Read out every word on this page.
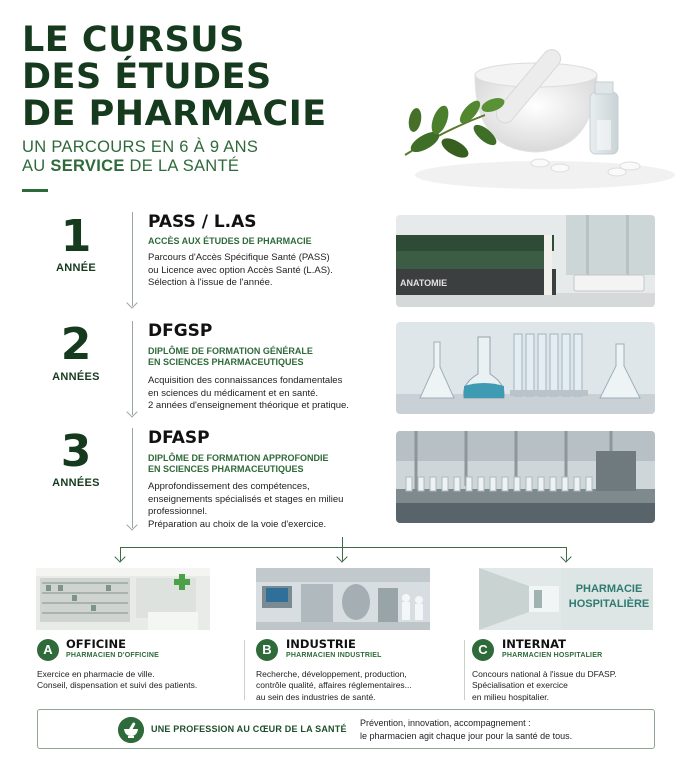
LE CURSUS
DES ÉTUDES
DE PHARMACIE
UN PARCOURS EN 6 À 9 ANS
AU SERVICE DE LA SANTÉ
1
ANNÉE
PASS / L.AS
ACCÈS AUX ÉTUDES DE PHARMACIE
Parcours d'Accès Spécifique Santé (PASS)
ou Licence avec option Accès Santé (L.AS).
Sélection à l'issue de l'année.	ANATOMIE
2
ANNÉES
DFGSP
DIPLÔME DE FORMATION GÉNÉRALE
EN SCIENCES PHARMACEUTIQUES
Acquisition des connaissances fondamentales
en sciences du médicament et en santé.
2 années d'enseignement théorique et pratique.
3
ANNÉES
DFASP
DIPLÔME DE FORMATION APPROFONDIE
EN SCIENCES PHARMACEUTIQUES
Approfondissement des compétences,
enseignements spécialisés et stages en milieu
professionnel.
Préparation au choix de la voie d'exercice.
PHARMACIE
HOSPITALIÈRE
A	OFFICINE
PHARMACIEN D'OFFICINE
Exercice en pharmacie de ville.
Conseil, dispensation et suivi des patients.
B	INDUSTRIE
PHARMACIEN INDUSTRIEL
Recherche, développement, production,
contrôle qualité, affaires réglementaires...
au sein des industries de santé.
C	INTERNAT
PHARMACIEN HOSPITALIER
Concours national à l'issue du DFASP.
Spécialisation et exercice
en milieu hospitalier.
UNE PROFESSION AU CŒUR DE LA SANTÉ
Prévention, innovation, accompagnement :
le pharmacien agit chaque jour pour la santé de tous.
